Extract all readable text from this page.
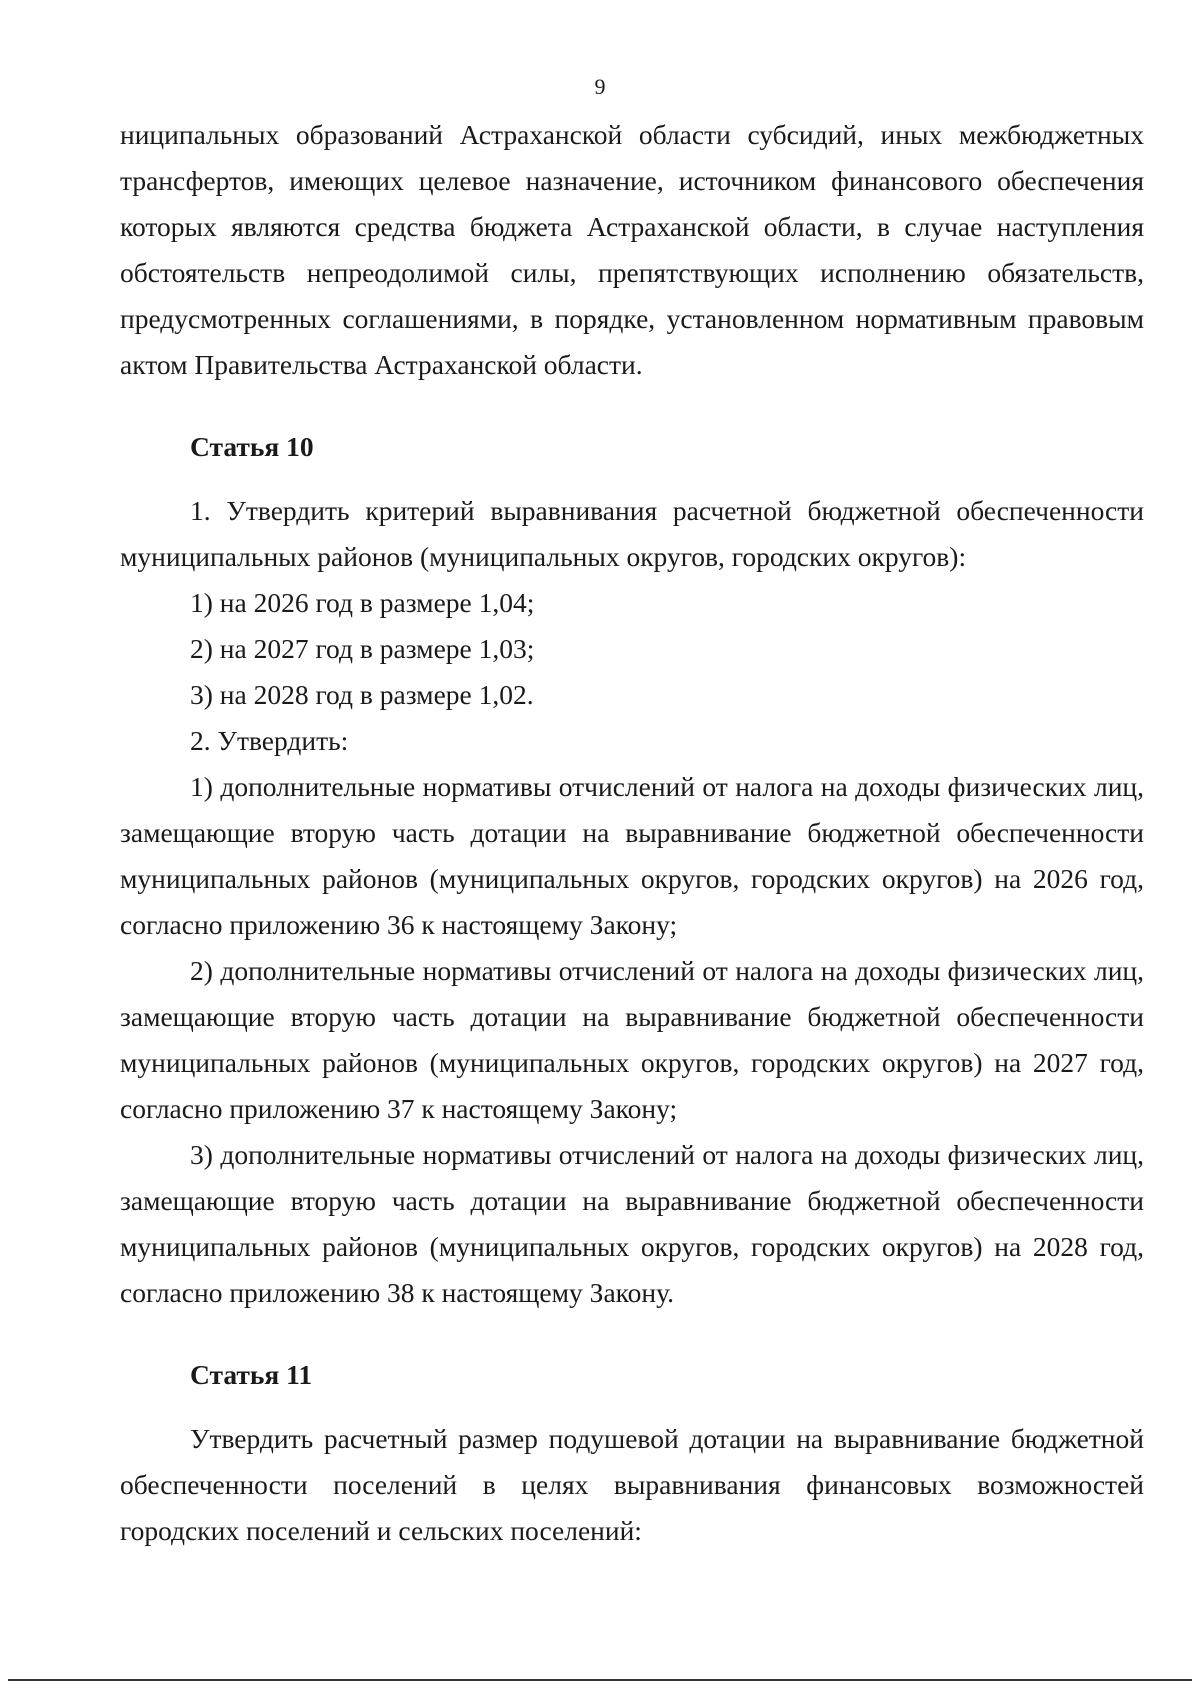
9

ниципальных образований Астраханской области субсидий, иных межбюджетных трансфертов, имеющих целевое назначение, источником финансового обеспечения которых являются средства бюджета Астраханской области, в случае наступления обстоятельств непреодолимой силы, препятствующих исполнению обязательств, предусмотренных соглашениями, в порядке, установленном нормативным правовым актом Правительства Астраханской области.

Статья 10

1. Утвердить критерий выравнивания расчетной бюджетной обеспеченности муниципальных районов (муниципальных округов, городских округов):

1) на 2026 год в размере 1,04;

2) на 2027 год в размере 1,03;

3) на 2028 год в размере 1,02.

2. Утвердить:

1) дополнительные нормативы отчислений от налога на доходы физических лиц, замещающие вторую часть дотации на выравнивание бюджетной обеспеченности муниципальных районов (муниципальных округов, городских округов) на 2026 год, согласно приложению 36 к настоящему Закону;

2) дополнительные нормативы отчислений от налога на доходы физических лиц, замещающие вторую часть дотации на выравнивание бюджетной обеспеченности муниципальных районов (муниципальных округов, городских округов) на 2027 год, согласно приложению 37 к настоящему Закону;

3) дополнительные нормативы отчислений от налога на доходы физических лиц, замещающие вторую часть дотации на выравнивание бюджетной обеспеченности муниципальных районов (муниципальных округов, городских округов) на 2028 год, согласно приложению 38 к настоящему Закону.

Статья 11

Утвердить расчетный размер подушевой дотации на выравнивание бюджетной обеспеченности поселений в целях выравнивания финансовых возможностей городских поселений и сельских поселений:
